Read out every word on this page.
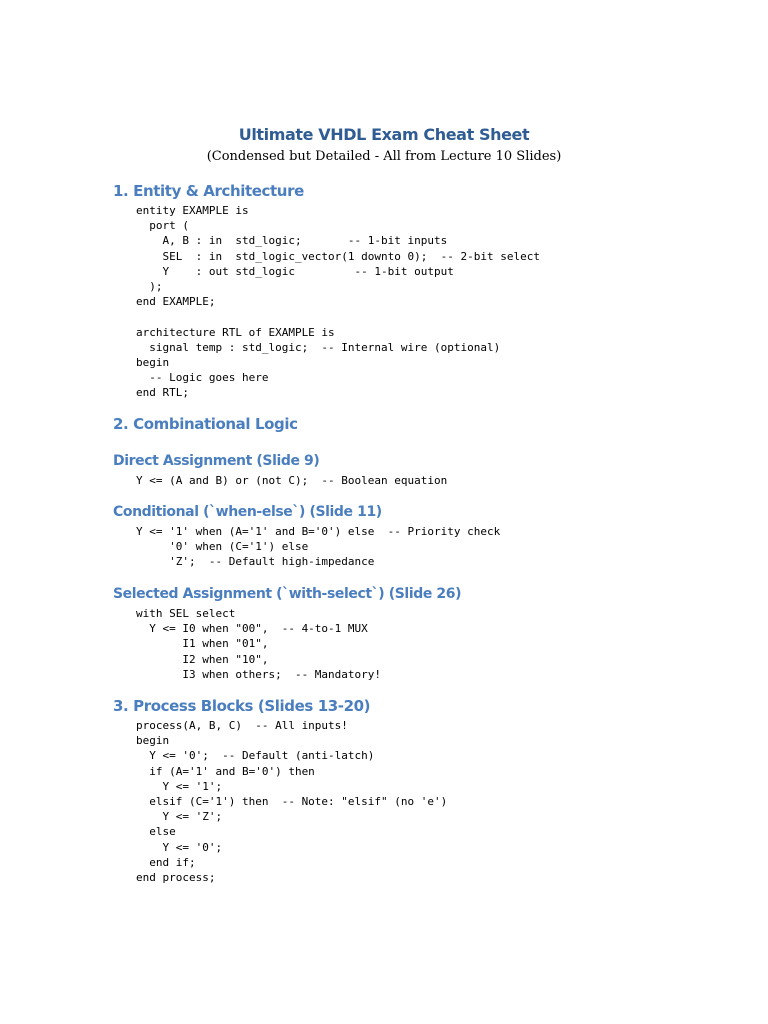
Ultimate VHDL Exam Cheat Sheet
(Condensed but Detailed - All from Lecture 10 Slides)
1. Entity & Architecture
entity EXAMPLE is
port (
A, B : in  std_logic;       -- 1-bit inputs
SEL  : in  std_logic_vector(1 downto 0);  -- 2-bit select
Y    : out std_logic         -- 1-bit output
);
end EXAMPLE;

architecture RTL of EXAMPLE is
signal temp : std_logic;  -- Internal wire (optional)
begin
-- Logic goes here
end RTL;
2. Combinational Logic
Direct Assignment (Slide 9)
Y <= (A and B) or (not C);  -- Boolean equation
Conditional (`when-else`) (Slide 11)
Y <= '1' when (A='1' and B='0') else  -- Priority check
'0' when (C='1') else
'Z';  -- Default high-impedance
Selected Assignment (`with-select`) (Slide 26)
with SEL select
Y <= I0 when "00",  -- 4-to-1 MUX
I1 when "01",
I2 when "10",
I3 when others;  -- Mandatory!
3. Process Blocks (Slides 13-20)
process(A, B, C)  -- All inputs!
begin
Y <= '0';  -- Default (anti-latch)
if (A='1' and B='0') then
Y <= '1';
elsif (C='1') then  -- Note: "elsif" (no 'e')
Y <= 'Z';
else
Y <= '0';
end if;
end process;
